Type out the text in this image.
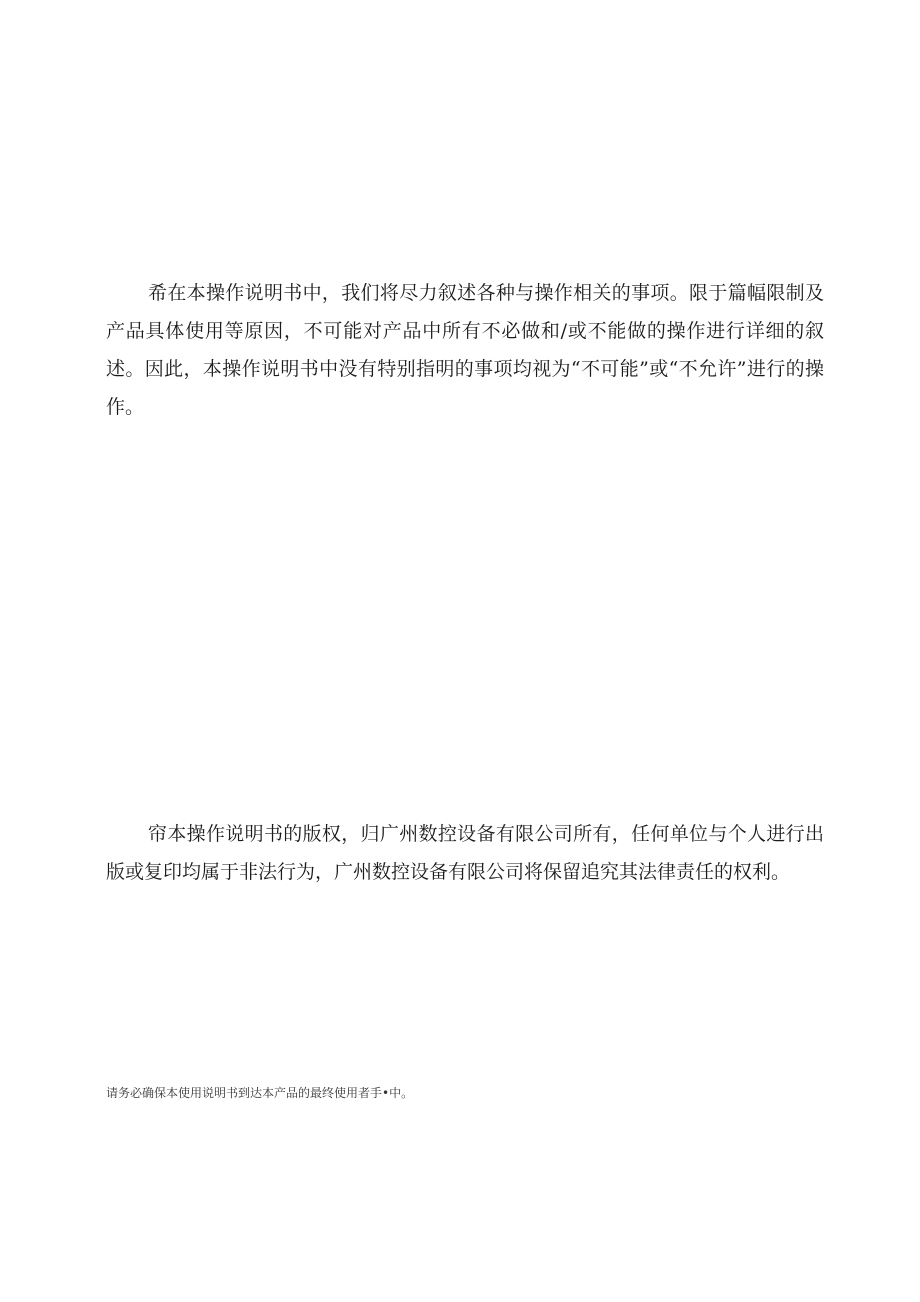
希在本操作说明书中，我们将尽力叙述各种与操作相关的事项。限于篇幅限制及产品具体使用等原因，不可能对产品中所有不必做和/或不能做的操作进行详细的叙述。因此，本操作说明书中没有特别指明的事项均视为“不可能”或“不允许”进行的操作。

帘本操作说明书的版权，归广州数控设备有限公司所有，任何单位与个人进行出版或复印均属于非法行为，广州数控设备有限公司将保留追究其法律责任的权利。

请务必确保本使用说明书到达本产品的最终使用者手•中。
